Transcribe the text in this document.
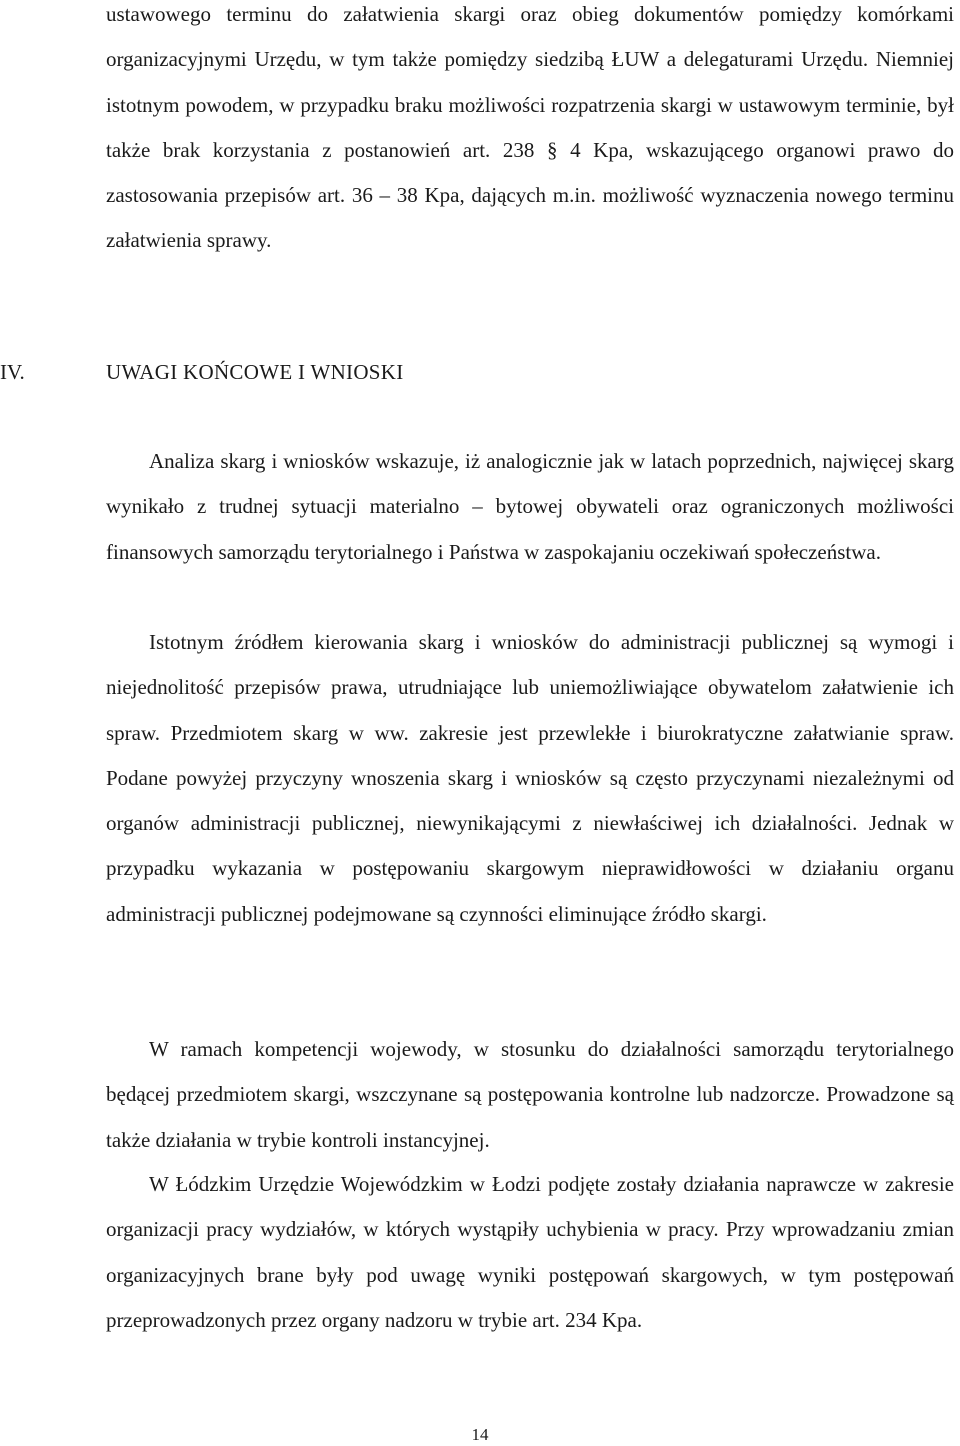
ustawowego terminu do załatwienia skargi oraz obieg dokumentów pomiędzy komórkami organizacyjnymi Urzędu, w tym także pomiędzy siedzibą ŁUW a delegaturami Urzędu. Niemniej istotnym powodem, w przypadku braku możliwości rozpatrzenia skargi w ustawowym terminie, był także brak korzystania z postanowień art. 238 § 4 Kpa, wskazującego organowi prawo do zastosowania przepisów art. 36 – 38 Kpa, dających m.in. możliwość wyznaczenia nowego terminu załatwienia sprawy.

IV.	UWAGI KOŃCOWE I WNIOSKI

Analiza skarg i wniosków wskazuje, iż analogicznie jak w latach poprzednich, najwięcej skarg wynikało z trudnej sytuacji materialno – bytowej obywateli oraz ograniczonych możliwości finansowych samorządu terytorialnego i Państwa w zaspokajaniu oczekiwań społeczeństwa.

Istotnym źródłem kierowania skarg i wniosków do administracji publicznej są wymogi i niejednolitość przepisów prawa, utrudniające lub uniemożliwiające obywatelom załatwienie ich spraw. Przedmiotem skarg w ww. zakresie jest przewlekłe i biurokratyczne załatwianie spraw. Podane powyżej przyczyny wnoszenia skarg i wniosków są często przyczynami niezależnymi od organów administracji publicznej, niewynikającymi z niewłaściwej ich działalności. Jednak w przypadku wykazania w postępowaniu skargowym nieprawidłowości w działaniu organu administracji publicznej podejmowane są czynności eliminujące źródło skargi.

W ramach kompetencji wojewody, w stosunku do działalności samorządu terytorialnego będącej przedmiotem skargi, wszczynane są postępowania kontrolne lub nadzorcze. Prowadzone są także działania w trybie kontroli instancyjnej.

W Łódzkim Urzędzie Wojewódzkim w Łodzi podjęte zostały działania naprawcze w zakresie organizacji pracy wydziałów, w których wystąpiły uchybienia w pracy. Przy wprowadzaniu zmian organizacyjnych brane były pod uwagę wyniki postępowań skargowych, w tym postępowań przeprowadzonych przez organy nadzoru w trybie art. 234 Kpa.

14
